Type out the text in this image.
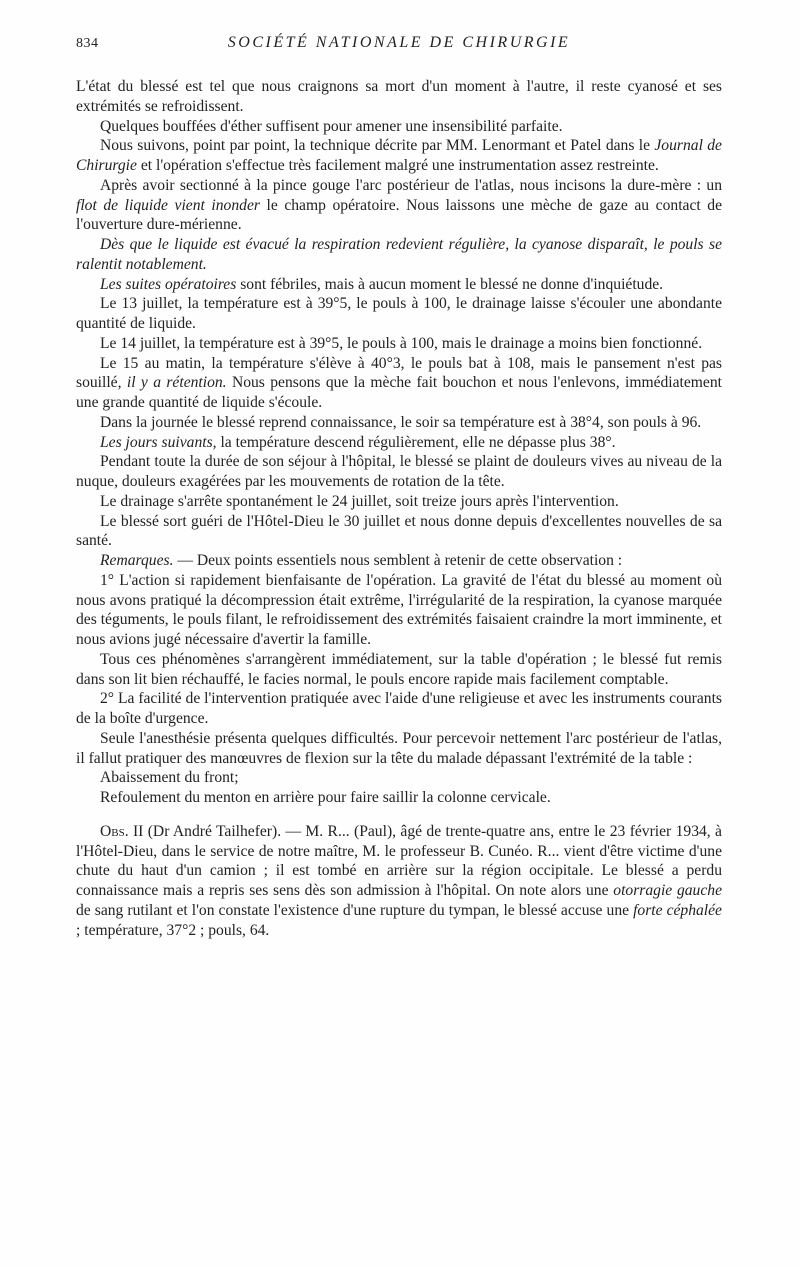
834	SOCIÉTÉ NATIONALE DE CHIRURGIE

L'état du blessé est tel que nous craignons sa mort d'un moment à l'autre, il reste cyanosé et ses extrémités se refroidissent.

Quelques bouffées d'éther suffisent pour amener une insensibilité parfaite.

Nous suivons, point par point, la technique décrite par MM. Lenormant et Patel dans le Journal de Chirurgie et l'opération s'effectue très facilement malgré une instrumentation assez restreinte.

Après avoir sectionné à la pince gouge l'arc postérieur de l'atlas, nous incisons la dure-mère : un flot de liquide vient inonder le champ opératoire. Nous laissons une mèche de gaze au contact de l'ouverture dure-mérienne.

Dès que le liquide est évacué la respiration redevient régulière, la cyanose disparaît, le pouls se ralentit notablement.

Les suites opératoires sont fébriles, mais à aucun moment le blessé ne donne d'inquiétude.

Le 13 juillet, la température est à 39°5, le pouls à 100, le drainage laisse s'écouler une abondante quantité de liquide.

Le 14 juillet, la température est à 39°5, le pouls à 100, mais le drainage a moins bien fonctionné.

Le 15 au matin, la température s'élève à 40°3, le pouls bat à 108, mais le pansement n'est pas souillé, il y a rétention. Nous pensons que la mèche fait bouchon et nous l'enlevons, immédiatement une grande quantité de liquide s'écoule.

Dans la journée le blessé reprend connaissance, le soir sa température est à 38°4, son pouls à 96.

Les jours suivants, la température descend régulièrement, elle ne dépasse plus 38°.

Pendant toute la durée de son séjour à l'hôpital, le blessé se plaint de douleurs vives au niveau de la nuque, douleurs exagérées par les mouvements de rotation de la tête.

Le drainage s'arrête spontanément le 24 juillet, soit treize jours après l'intervention.

Le blessé sort guéri de l'Hôtel-Dieu le 30 juillet et nous donne depuis d'excellentes nouvelles de sa santé.

Remarques. — Deux points essentiels nous semblent à retenir de cette observation :

1° L'action si rapidement bienfaisante de l'opération. La gravité de l'état du blessé au moment où nous avons pratiqué la décompression était extrême, l'irrégularité de la respiration, la cyanose marquée des téguments, le pouls filant, le refroidissement des extrémités faisaient craindre la mort imminente, et nous avions jugé nécessaire d'avertir la famille.

Tous ces phénomènes s'arrangèrent immédiatement, sur la table d'opération ; le blessé fut remis dans son lit bien réchauffé, le facies normal, le pouls encore rapide mais facilement comptable.

2° La facilité de l'intervention pratiquée avec l'aide d'une religieuse et avec les instruments courants de la boîte d'urgence.

Seule l'anesthésie présenta quelques difficultés. Pour percevoir nettement l'arc postérieur de l'atlas, il fallut pratiquer des manœuvres de flexion sur la tête du malade dépassant l'extrémité de la table :

Abaissement du front;

Refoulement du menton en arrière pour faire saillir la colonne cervicale.

Obs. II (Dr André Tailhefer). — M. R... (Paul), âgé de trente-quatre ans, entre le 23 février 1934, à l'Hôtel-Dieu, dans le service de notre maître, M. le professeur B. Cunéo. R... vient d'être victime d'une chute du haut d'un camion ; il est tombé en arrière sur la région occipitale. Le blessé a perdu connaissance mais a repris ses sens dès son admission à l'hôpital. On note alors une otorragie gauche de sang rutilant et l'on constate l'existence d'une rupture du tympan, le blessé accuse une forte céphalée ; température, 37°2 ; pouls, 64.
